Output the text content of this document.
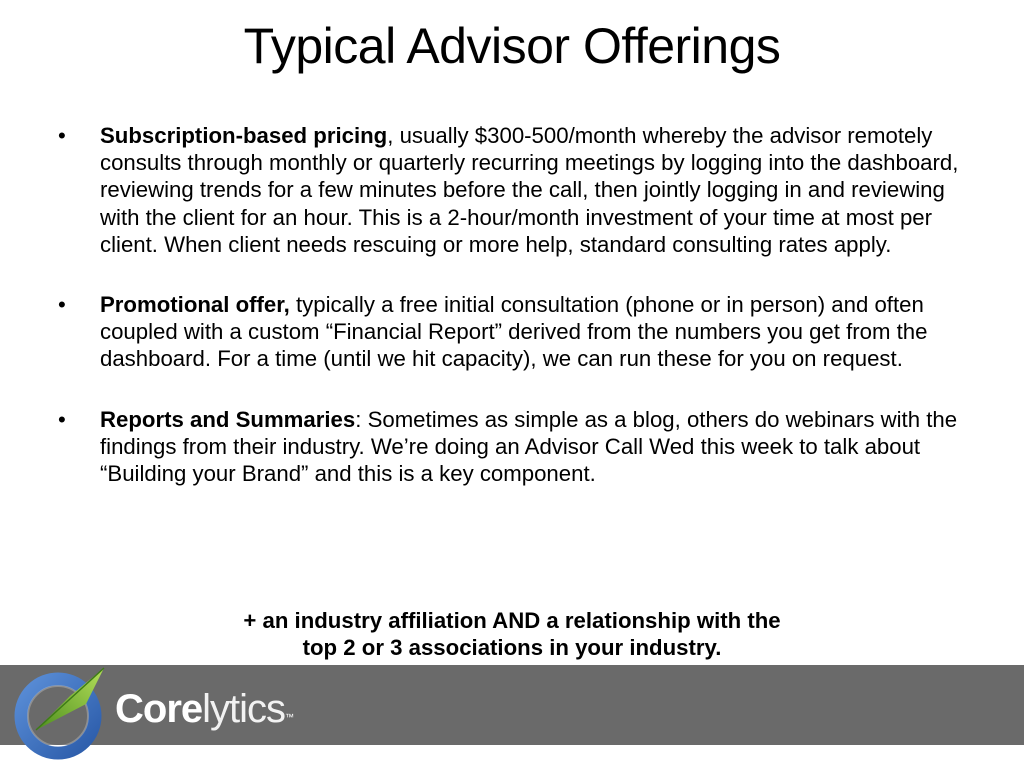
Typical Advisor Offerings
• Subscription-based pricing, usually $300-500/month whereby the advisor remotely consults through monthly or quarterly recurring meetings by logging into the dashboard, reviewing trends for a few minutes before the call, then jointly logging in and reviewing with the client for an hour. This is a 2-hour/month investment of your time at most per client. When client needs rescuing or more help, standard consulting rates apply.
• Promotional offer, typically a free initial consultation (phone or in person) and often coupled with a custom “Financial Report” derived from the numbers you get from the dashboard. For a time (until we hit capacity), we can run these for you on request.
• Reports and Summaries: Sometimes as simple as a blog, others do webinars with the findings from their industry. We’re doing an Advisor Call Wed this week to talk about “Building your Brand” and this is a key component.
+ an industry affiliation AND a relationship with the
top 2 or 3 associations in your industry.
Corelytics™
